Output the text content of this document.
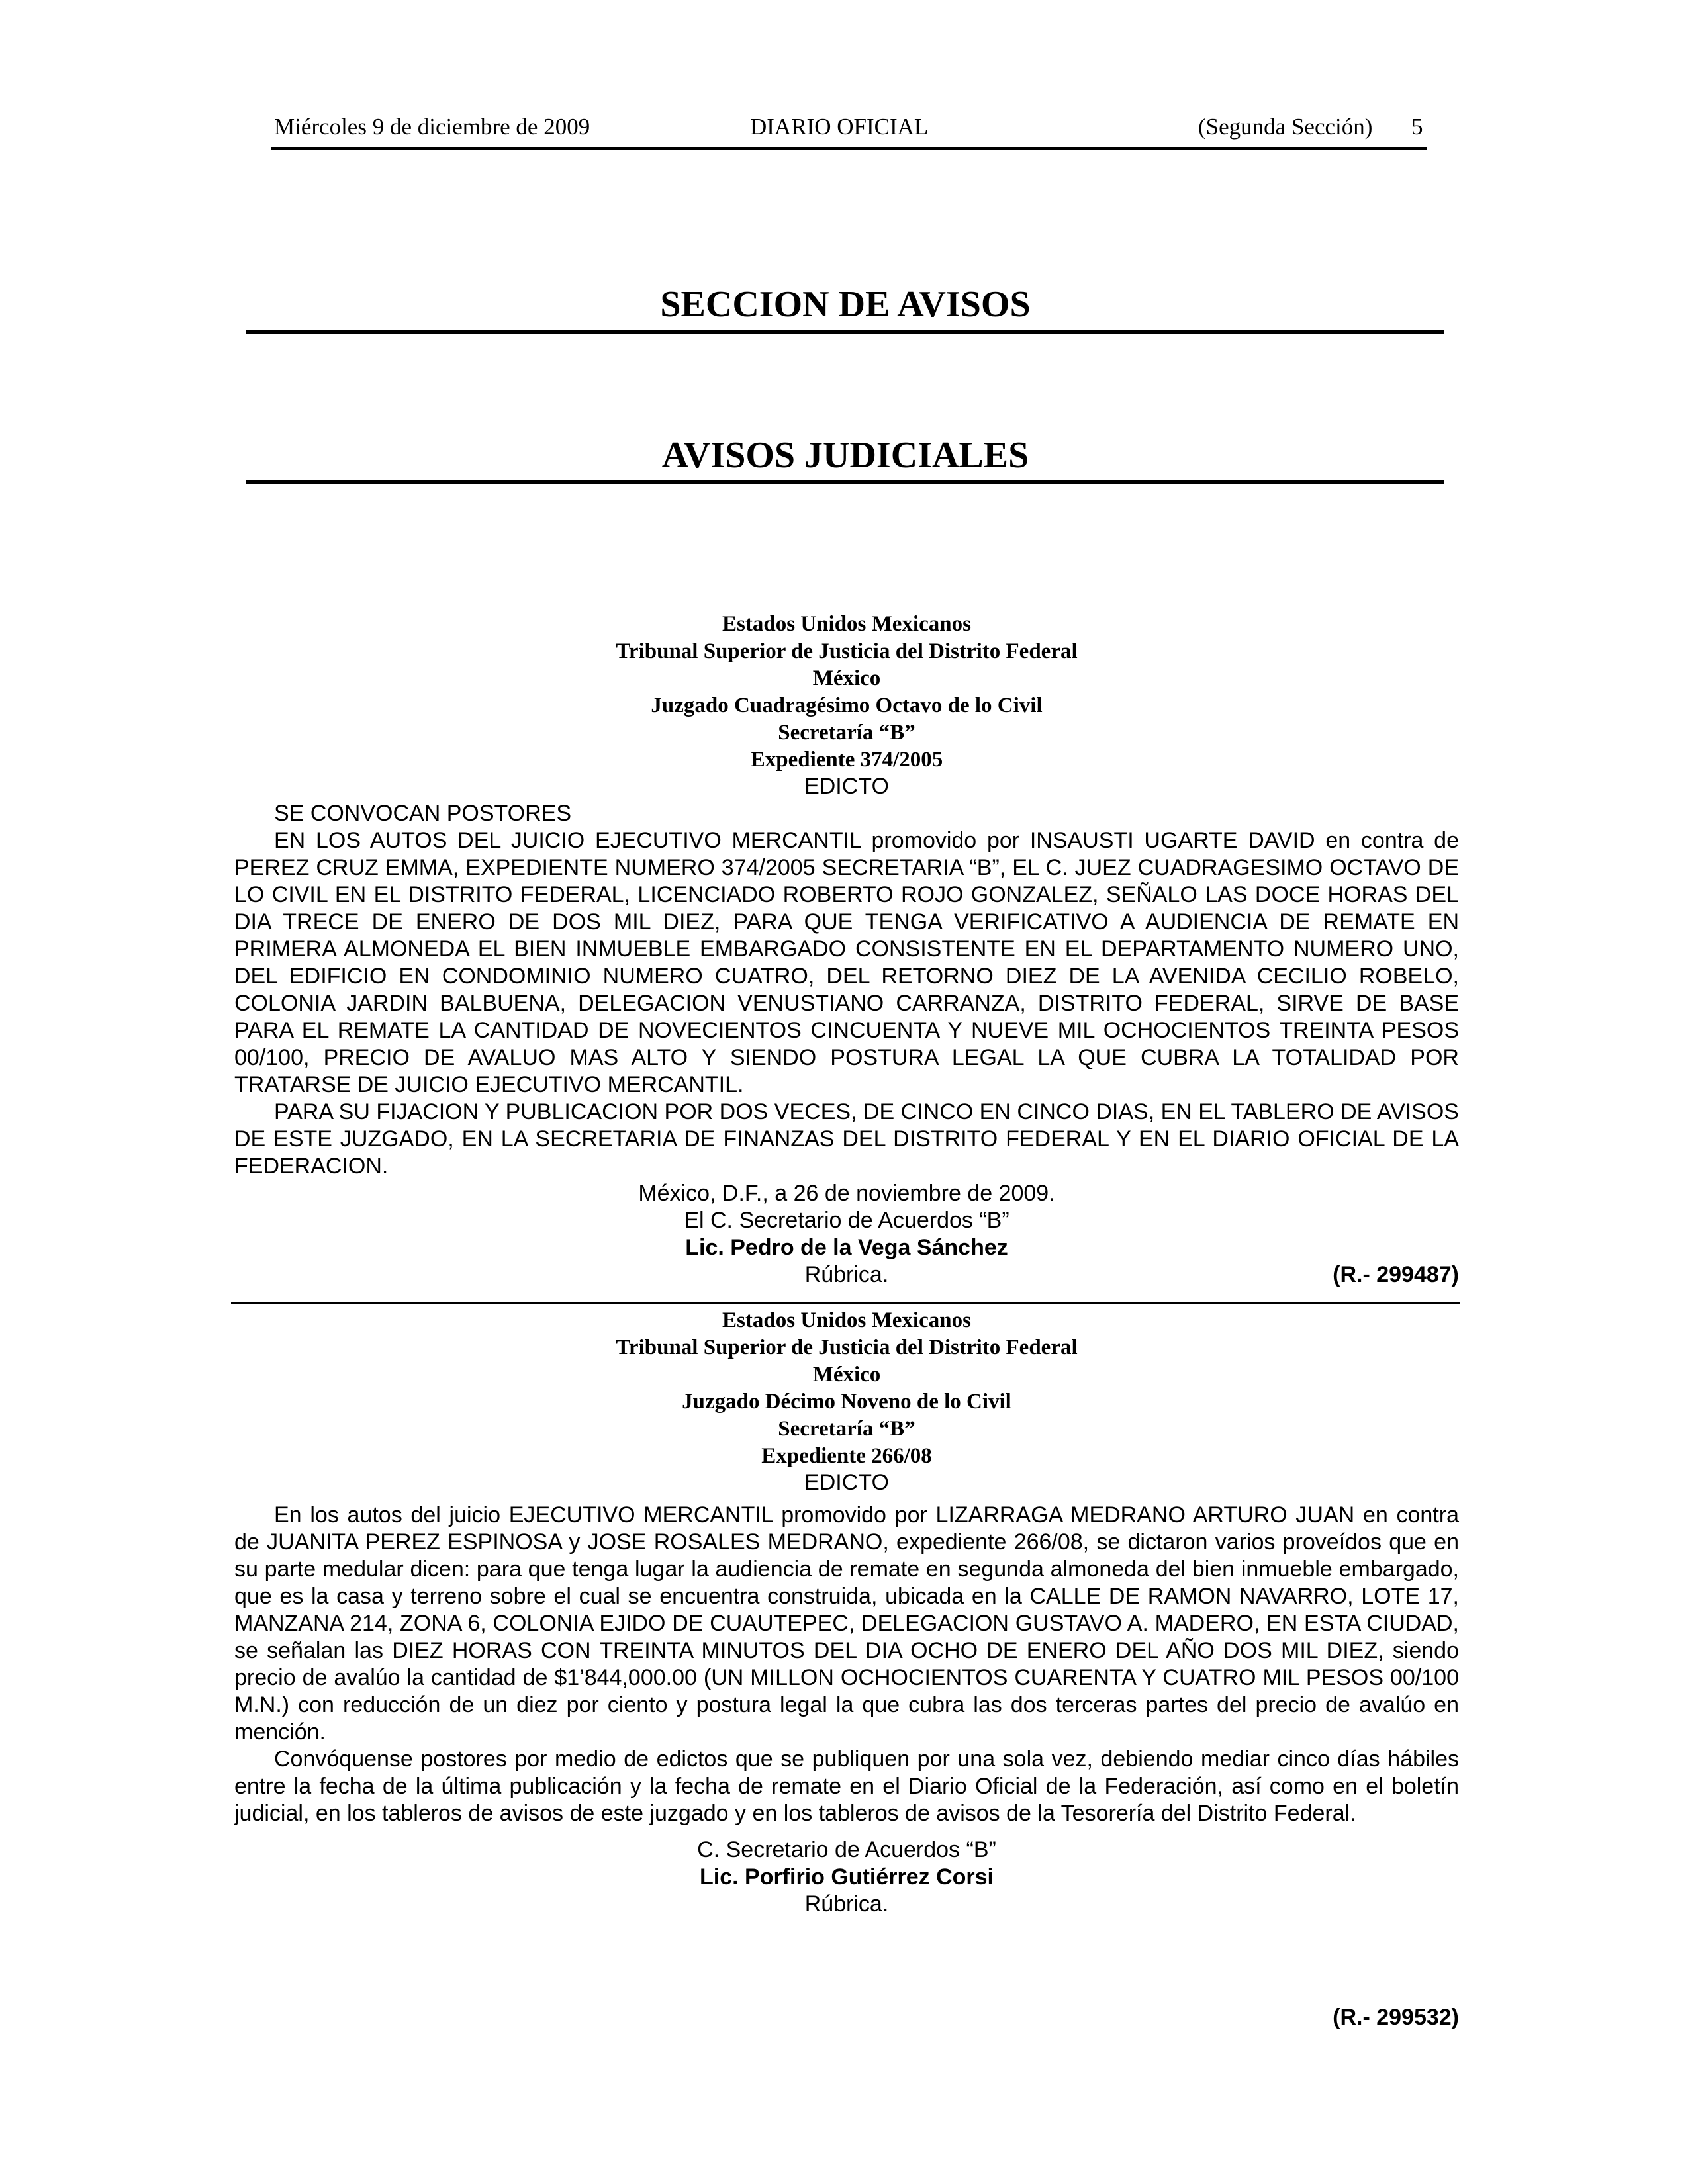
Miércoles 9 de diciembre de 2009	DIARIO OFICIAL	(Segunda Sección) 5
SECCION DE AVISOS
AVISOS JUDICIALES
Estados Unidos Mexicanos
Tribunal Superior de Justicia del Distrito Federal
México
Juzgado Cuadragésimo Octavo de lo Civil
Secretaría “B”
Expediente 374/2005
EDICTO

SE CONVOCAN POSTORES

EN LOS AUTOS DEL JUICIO EJECUTIVO MERCANTIL promovido por INSAUSTI UGARTE DAVID en contra de PEREZ CRUZ EMMA, EXPEDIENTE NUMERO 374/2005 SECRETARIA “B”, EL C. JUEZ CUADRAGESIMO OCTAVO DE LO CIVIL EN EL DISTRITO FEDERAL, LICENCIADO ROBERTO ROJO GONZALEZ, SEÑALO LAS DOCE HORAS DEL DIA TRECE DE ENERO DE DOS MIL DIEZ, PARA QUE TENGA VERIFICATIVO A AUDIENCIA DE REMATE EN PRIMERA ALMONEDA EL BIEN INMUEBLE EMBARGADO CONSISTENTE EN EL DEPARTAMENTO NUMERO UNO, DEL EDIFICIO EN CONDOMINIO NUMERO CUATRO, DEL RETORNO DIEZ DE LA AVENIDA CECILIO ROBELO, COLONIA JARDIN BALBUENA, DELEGACION VENUSTIANO CARRANZA, DISTRITO FEDERAL, SIRVE DE BASE PARA EL REMATE LA CANTIDAD DE NOVECIENTOS CINCUENTA Y NUEVE MIL OCHOCIENTOS TREINTA PESOS 00/100, PRECIO DE AVALUO MAS ALTO Y SIENDO POSTURA LEGAL LA QUE CUBRA LA TOTALIDAD POR TRATARSE DE JUICIO EJECUTIVO MERCANTIL.

PARA SU FIJACION Y PUBLICACION POR DOS VECES, DE CINCO EN CINCO DIAS, EN EL TABLERO DE AVISOS DE ESTE JUZGADO, EN LA SECRETARIA DE FINANZAS DEL DISTRITO FEDERAL Y EN EL DIARIO OFICIAL DE LA FEDERACION.

México, D.F., a 26 de noviembre de 2009.
El C. Secretario de Acuerdos “B”
Lic. Pedro de la Vega Sánchez
Rúbrica.	(R.- 299487)
Estados Unidos Mexicanos
Tribunal Superior de Justicia del Distrito Federal
México
Juzgado Décimo Noveno de lo Civil
Secretaría “B”
Expediente 266/08
EDICTO

En los autos del juicio EJECUTIVO MERCANTIL promovido por LIZARRAGA MEDRANO ARTURO JUAN en contra de JUANITA PEREZ ESPINOSA y JOSE ROSALES MEDRANO, expediente 266/08, se dictaron varios proveídos que en su parte medular dicen: para que tenga lugar la audiencia de remate en segunda almoneda del bien inmueble embargado, que es la casa y terreno sobre el cual se encuentra construida, ubicada en la CALLE DE RAMON NAVARRO, LOTE 17, MANZANA 214, ZONA 6, COLONIA EJIDO DE CUAUTEPEC, DELEGACION GUSTAVO A. MADERO, EN ESTA CIUDAD, se señalan las DIEZ HORAS CON TREINTA MINUTOS DEL DIA OCHO DE ENERO DEL AÑO DOS MIL DIEZ, siendo precio de avalúo la cantidad de $1’844,000.00 (UN MILLON OCHOCIENTOS CUARENTA Y CUATRO MIL PESOS 00/100 M.N.) con reducción de un diez por ciento y postura legal la que cubra las dos terceras partes del precio de avalúo en mención.

Convóquense postores por medio de edictos que se publiquen por una sola vez, debiendo mediar cinco días hábiles entre la fecha de la última publicación y la fecha de remate en el Diario Oficial de la Federación, así como en el boletín judicial, en los tableros de avisos de este juzgado y en los tableros de avisos de la Tesorería del Distrito Federal.

C. Secretario de Acuerdos “B”
Lic. Porfirio Gutiérrez Corsi
Rúbrica.
(R.- 299532)
